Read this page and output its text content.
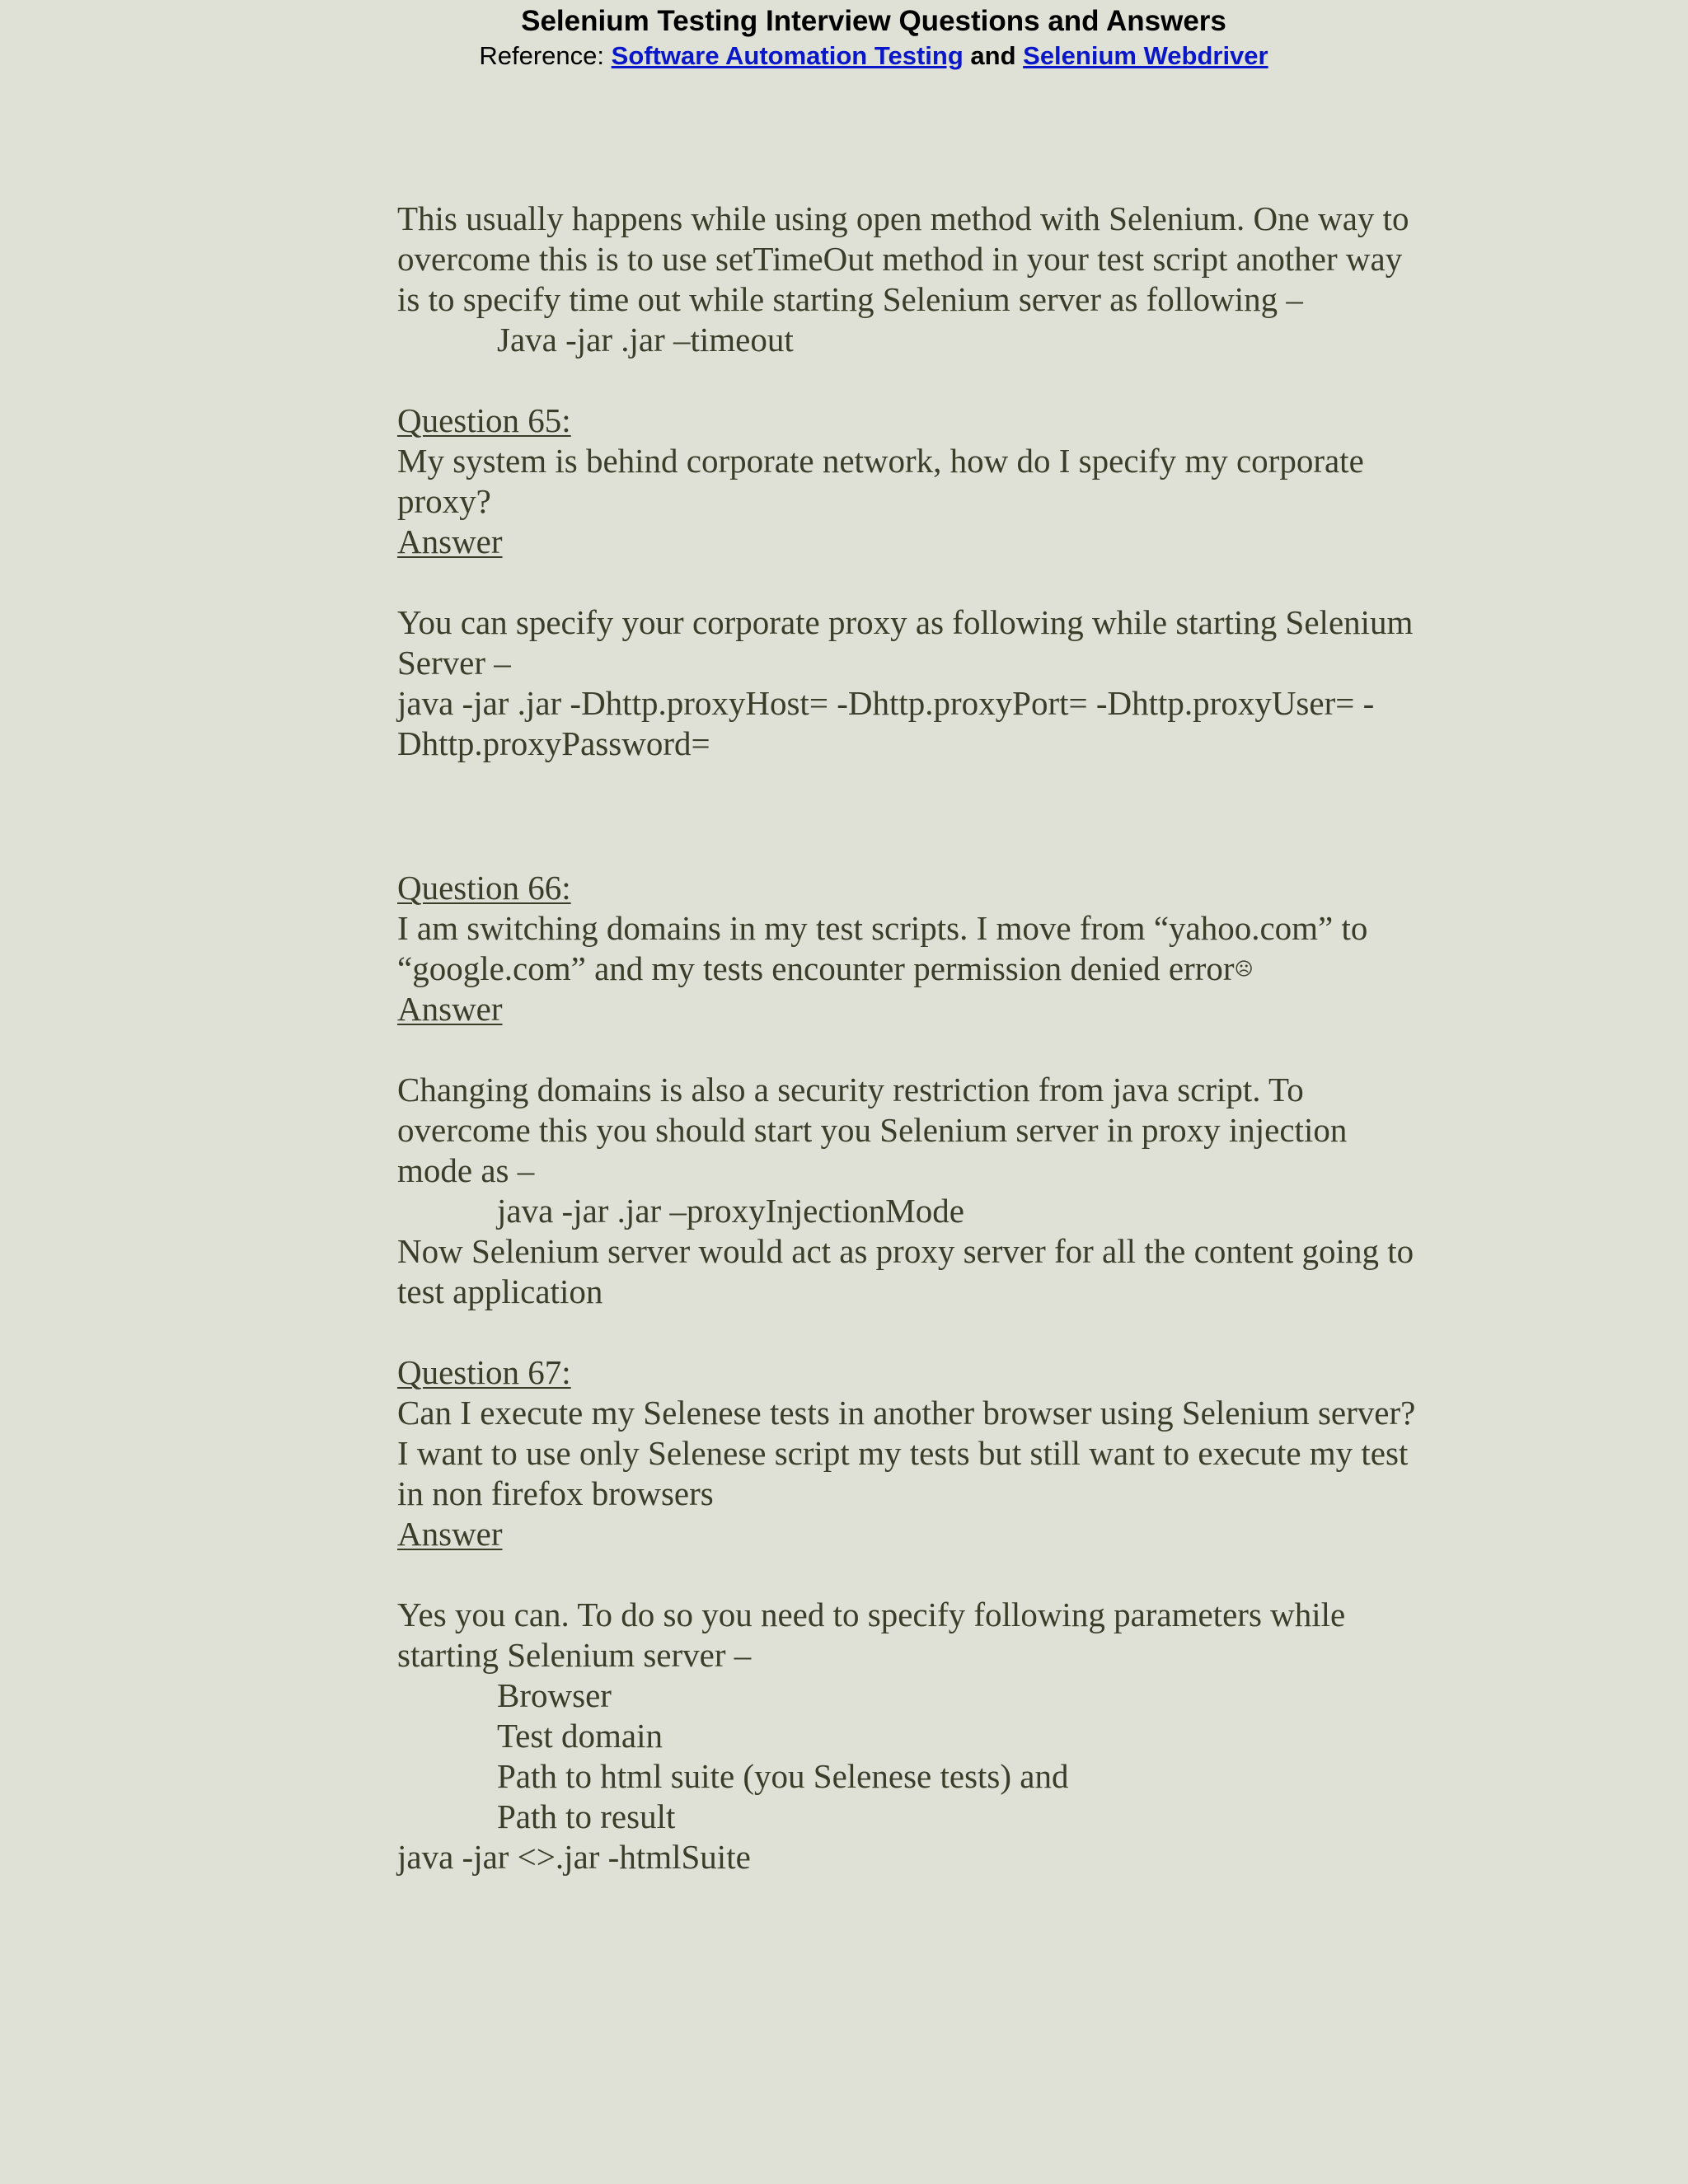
Selenium Testing Interview Questions and Answers
Reference: Software Automation Testing and Selenium Webdriver
This usually happens while using open method with Selenium. One way to
overcome this is to use setTimeOut method in your test script another way
is to specify time out while starting Selenium server as following –
Java -jar .jar –timeout
Question 65:
My system is behind corporate network, how do I specify my corporate
proxy?
Answer
You can specify your corporate proxy as following while starting Selenium
Server –
java -jar .jar -Dhttp.proxyHost= -Dhttp.proxyPort= -Dhttp.proxyUser= -
Dhttp.proxyPassword=
Question 66:
I am switching domains in my test scripts. I move from “yahoo.com” to
“google.com” and my tests encounter permission denied error☹
Answer
Changing domains is also a security restriction from java script. To
overcome this you should start you Selenium server in proxy injection
mode as –
java -jar .jar –proxyInjectionMode
Now Selenium server would act as proxy server for all the content going to
test application
Question 67:
Can I execute my Selenese tests in another browser using Selenium server?
I want to use only Selenese script my tests but still want to execute my test
in non firefox browsers
Answer
Yes you can. To do so you need to specify following parameters while
starting Selenium server –
Browser
Test domain
Path to html suite (you Selenese tests) and
Path to result
java -jar <>.jar -htmlSuite
